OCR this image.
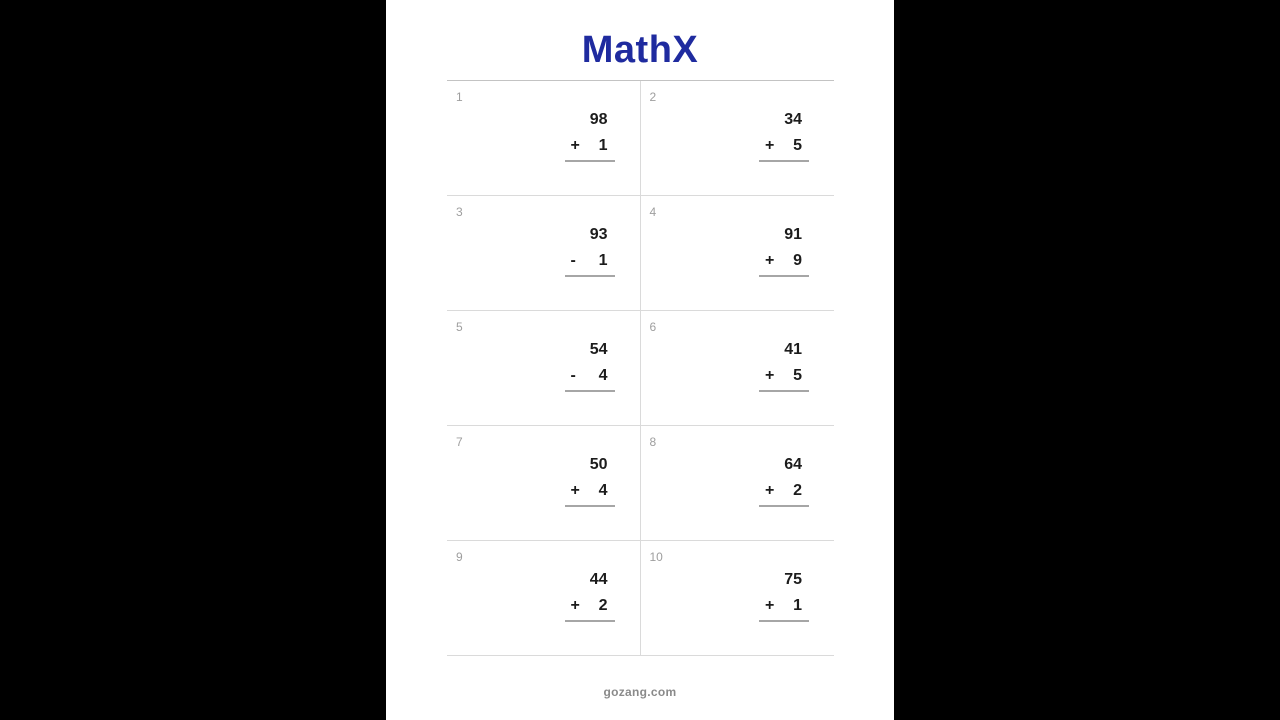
MathX
1
98
+ 1
2
34
+ 5
3
93
- 1
4
91
+ 9
5
54
- 4
6
41
+ 5
7
50
+ 4
8
64
+ 2
9
44
+ 2
10
75
+ 1
gozang.com
